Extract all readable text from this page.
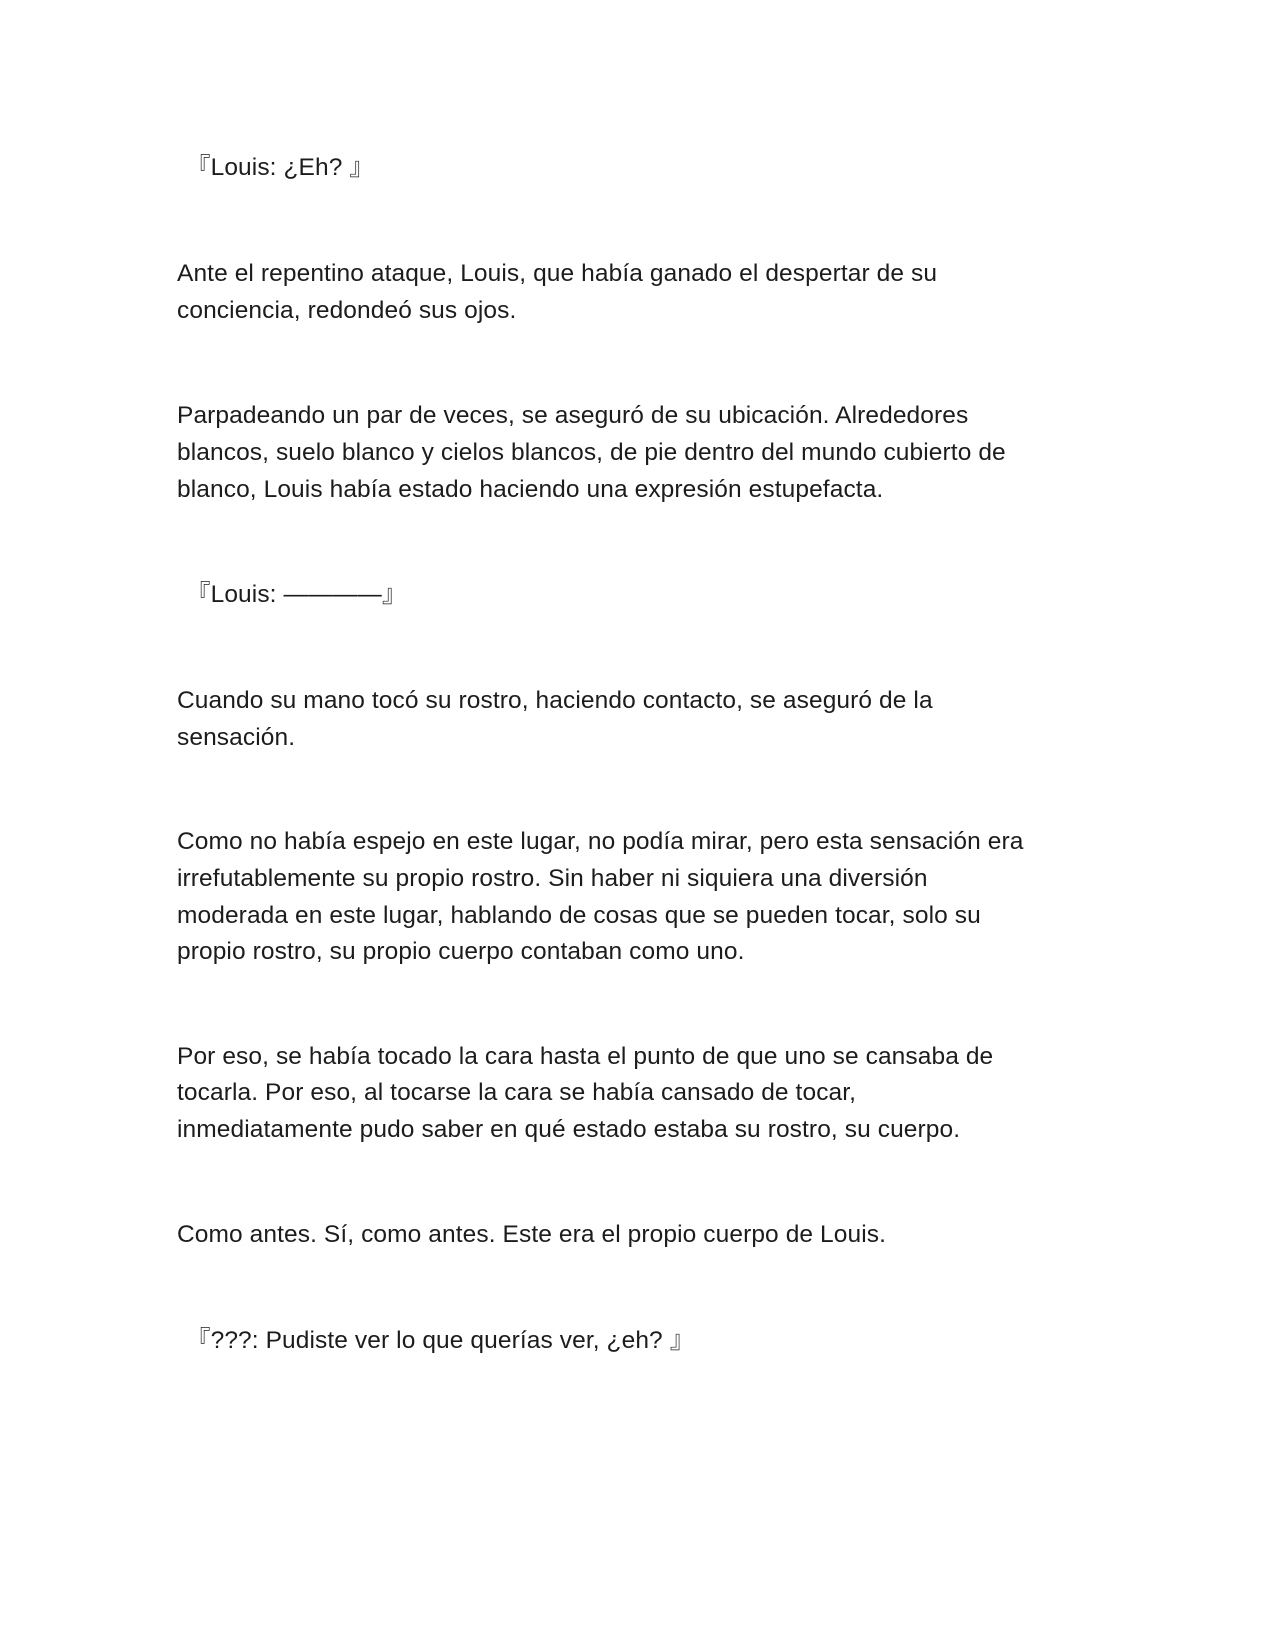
『Louis: ¿Eh? 』

Ante el repentino ataque, Louis, que había ganado el despertar de su

conciencia, redondeó sus ojos.

Parpadeando un par de veces, se aseguró de su ubicación. Alrededores

blancos, suelo blanco y cielos blancos, de pie dentro del mundo cubierto de

blanco, Louis había estado haciendo una expresión estupefacta.

『Louis: ————』

Cuando su mano tocó su rostro, haciendo contacto, se aseguró de la

sensación.

Como no había espejo en este lugar, no podía mirar, pero esta sensación era

irrefutablemente su propio rostro. Sin haber ni siquiera una diversión

moderada en este lugar, hablando de cosas que se pueden tocar, solo su

propio rostro, su propio cuerpo contaban como uno.

Por eso, se había tocado la cara hasta el punto de que uno se cansaba de

tocarla. Por eso, al tocarse la cara se había cansado de tocar,

inmediatamente pudo saber en qué estado estaba su rostro, su cuerpo.

Como antes. Sí, como antes. Este era el propio cuerpo de Louis.

『???: Pudiste ver lo que querías ver, ¿eh? 』
